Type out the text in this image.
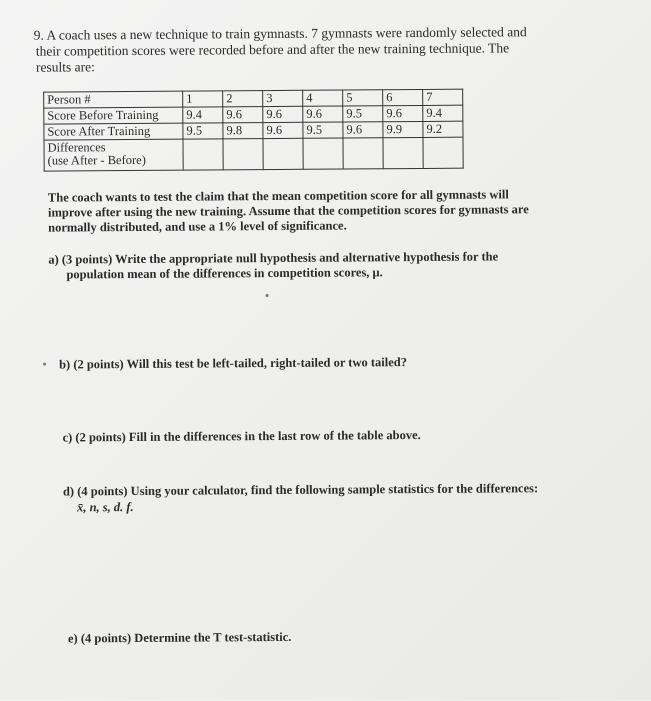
9. A coach uses a new technique to train gymnasts. 7 gymnasts were randomly selected and
their competition scores were recorded before and after the new training technique. The
results are:
Person #	1	2	3	4	5	6	7
Score Before Training	9.4	9.6	9.6	9.6	9.5	9.6	9.4
Score After Training	9.5	9.8	9.6	9.5	9.6	9.9	9.2

Differences
(use After - Before)							

The coach wants to test the claim that the mean competition score for all gymnasts will
improve after using the new training. Assume that the competition scores for gymnasts are
normally distributed, and use a 1% level of significance.
a) (3 points) Write the appropriate null hypothesis and alternative hypothesis for the
population mean of the differences in competition scores, μ.
b) (2 points) Will this test be left-tailed, right-tailed or two tailed?
c) (2 points) Fill in the differences in the last row of the table above.
d) (4 points) Using your calculator, find the following sample statistics for the differences:
x̄, n, s, d. f.
e) (4 points) Determine the T test-statistic.
